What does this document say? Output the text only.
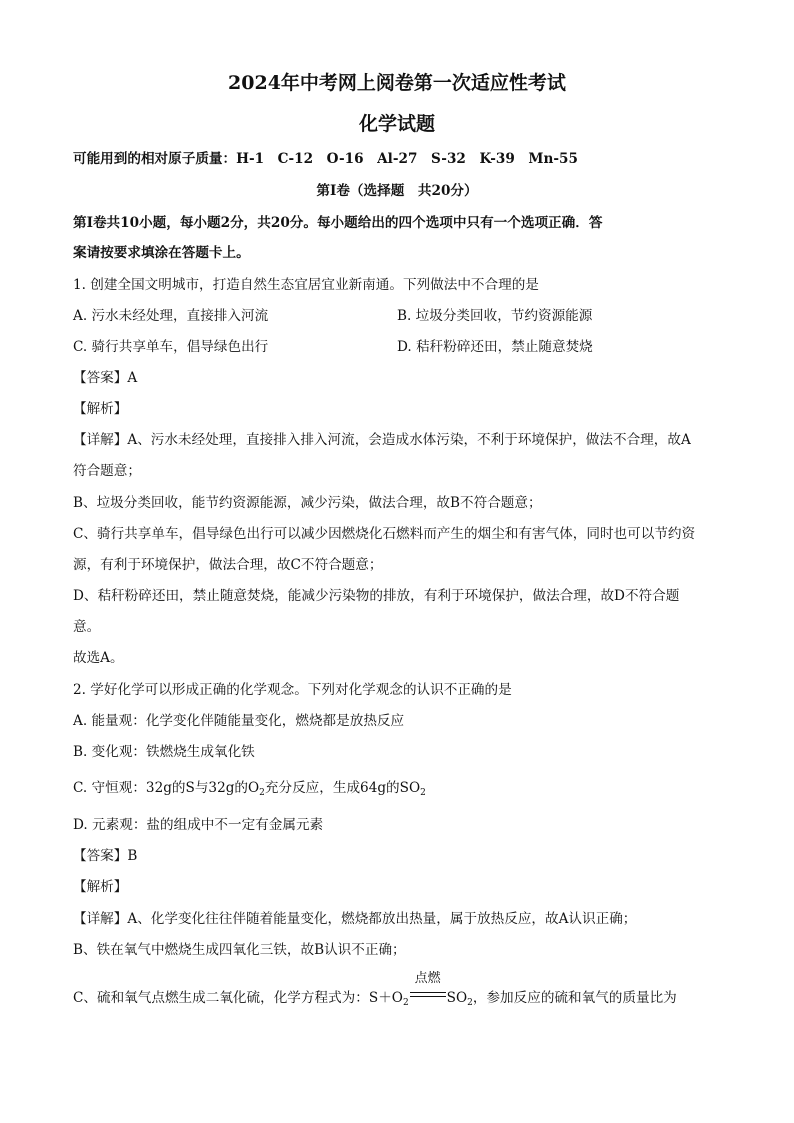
2024年中考网上阅卷第一次适应性考试
化学试题
可能用到的相对原子质量：H-1　C-12　O-16　Al-27　S-32　K-39　Mn-55
第Ⅰ卷（选择题　共20分）
第Ⅰ卷共10小题，每小题2分，共20分。每小题给出的四个选项中只有一个选项正确．答
案请按要求填涂在答题卡上。
1. 创建全国文明城市，打造自然生态宜居宜业新南通。下列做法中不合理的是
A. 污水未经处理，直接排入河流	B. 垃圾分类回收，节约资源能源
C. 骑行共享单车，倡导绿色出行	D. 秸秆粉碎还田，禁止随意焚烧
【答案】A
【解析】
【详解】A、污水未经处理，直接排入排入河流，会造成水体污染，不利于环境保护，做法不合理，故A
符合题意；
B、垃圾分类回收，能节约资源能源，减少污染，做法合理，故B不符合题意；
C、骑行共享单车，倡导绿色出行可以减少因燃烧化石燃料而产生的烟尘和有害气体，同时也可以节约资
源，有利于环境保护，做法合理，故C不符合题意；
D、秸秆粉碎还田，禁止随意焚烧，能减少污染物的排放，有利于环境保护，做法合理，故D不符合题
意。
故选A。
2. 学好化学可以形成正确的化学观念。下列对化学观念的认识不正确的是
A. 能量观：化学变化伴随能量变化，燃烧都是放热反应
B. 变化观：铁燃烧生成氧化铁
C. 守恒观：32g的S与32g的$O_2$充分反应，生成64g的$SO_2$
D. 元素观：盐的组成中不一定有金属元素
【答案】B
【解析】
【详解】A、化学变化往往伴随着能量变化，燃烧都放出热量，属于放热反应，故A认识正确；
B、铁在氧气中燃烧生成四氧化三铁，故B认识不正确；
C、硫和氧气点燃生成二氧化硫，化学方程式为：$S+O_2$
点燃
$SO_2$，参加反应的硫和氧气的质量比为
